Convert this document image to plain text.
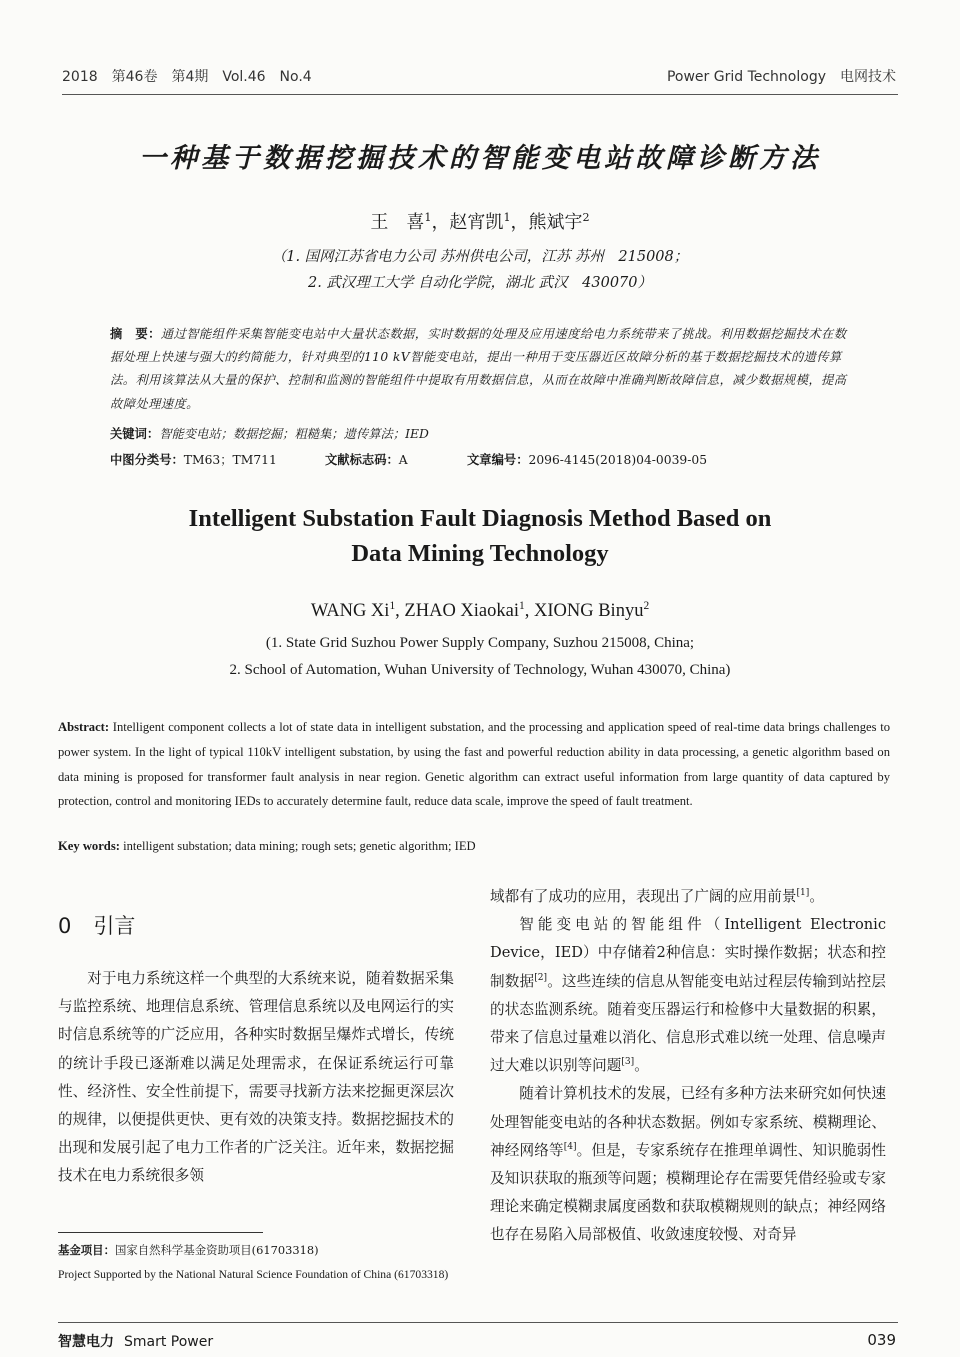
2018　第46卷　第4期　Vol.46　No.4	Power Grid Technology　电网技术
一种基于数据挖掘技术的智能变电站故障诊断方法
王　喜$^1$，赵宵凯$^1$，熊斌宇$^2$
（1. 国网江苏省电力公司 苏州供电公司，江苏 苏州　215008；
2. 武汉理工大学 自动化学院，湖北 武汉　430070）
摘　要：通过智能组件采集智能变电站中大量状态数据，实时数据的处理及应用速度给电力系统带来了挑战。利用数据挖掘技术在数据处理上快速与强大的约简能力，针对典型的110 kV智能变电站，提出一种用于变压器近区故障分析的基于数据挖掘技术的遗传算法。利用该算法从大量的保护、控制和监测的智能组件中提取有用数据信息，从而在故障中准确判断故障信息，减少数据规模，提高故障处理速度。
关键词：智能变电站；数据挖掘；粗糙集；遗传算法；IED
中图分类号：TM63；TM711	文献标志码：A	文章编号：2096-4145(2018)04-0039-05
Intelligent Substation Fault Diagnosis Method Based on
Data Mining Technology
WANG Xi$^1$, ZHAO Xiaokai$^1$, XIONG Binyu$^2$
(1. State Grid Suzhou Power Supply Company, Suzhou 215008, China;
2. School of Automation, Wuhan University of Technology, Wuhan 430070, China)
Abstract: Intelligent component collects a lot of state data in intelligent substation, and the processing and application speed of real-time data brings challenges to power system. In the light of typical 110kV intelligent substation, by using the fast and powerful reduction ability in data processing, a genetic algorithm based on data mining is proposed for transformer fault analysis in near region. Genetic algorithm can extract useful information from large quantity of data captured by protection, control and monitoring IEDs to accurately determine fault, reduce data scale, improve the speed of fault treatment.
Key words: intelligent substation; data mining; rough sets; genetic algorithm; IED
0 引言
对于电力系统这样一个典型的大系统来说，随着数据采集与监控系统、地理信息系统、管理信息系统以及电网运行的实时信息系统等的广泛应用，各种实时数据呈爆炸式增长，传统的统计手段已逐渐难以满足处理需求，在保证系统运行可靠性、经济性、安全性前提下，需要寻找新方法来挖掘更深层次的规律，以便提供更快、更有效的决策支持。数据挖掘技术的出现和发展引起了电力工作者的广泛关注。近年来，数据挖掘技术在电力系统很多领

域都有了成功的应用，表现出了广阔的应用前景[1]。

智能变电站的智能组件（Intelligent Electronic Device，IED）中存储着2种信息：实时操作数据；状态和控制数据[2]。这些连续的信息从智能变电站过程层传输到站控层的状态监测系统。随着变压器运行和检修中大量数据的积累，带来了信息过量难以消化、信息形式难以统一处理、信息噪声过大难以识别等问题[3]。

随着计算机技术的发展，已经有多种方法来研究如何快速处理智能变电站的各种状态数据。例如专家系统、模糊理论、神经网络等[4]。但是，专家系统存在推理单调性、知识脆弱性及知识获取的瓶颈等问题；模糊理论存在需要凭借经验或专家理论来确定模糊隶属度函数和获取模糊规则的缺点；神经网络也存在易陷入局部极值、收敛速度较慢、对奇异

基金项目：国家自然科学基金资助项目(61703318)
Project Supported by the National Natural Science Foundation of China (61703318)
智慧电力 Smart Power	039
